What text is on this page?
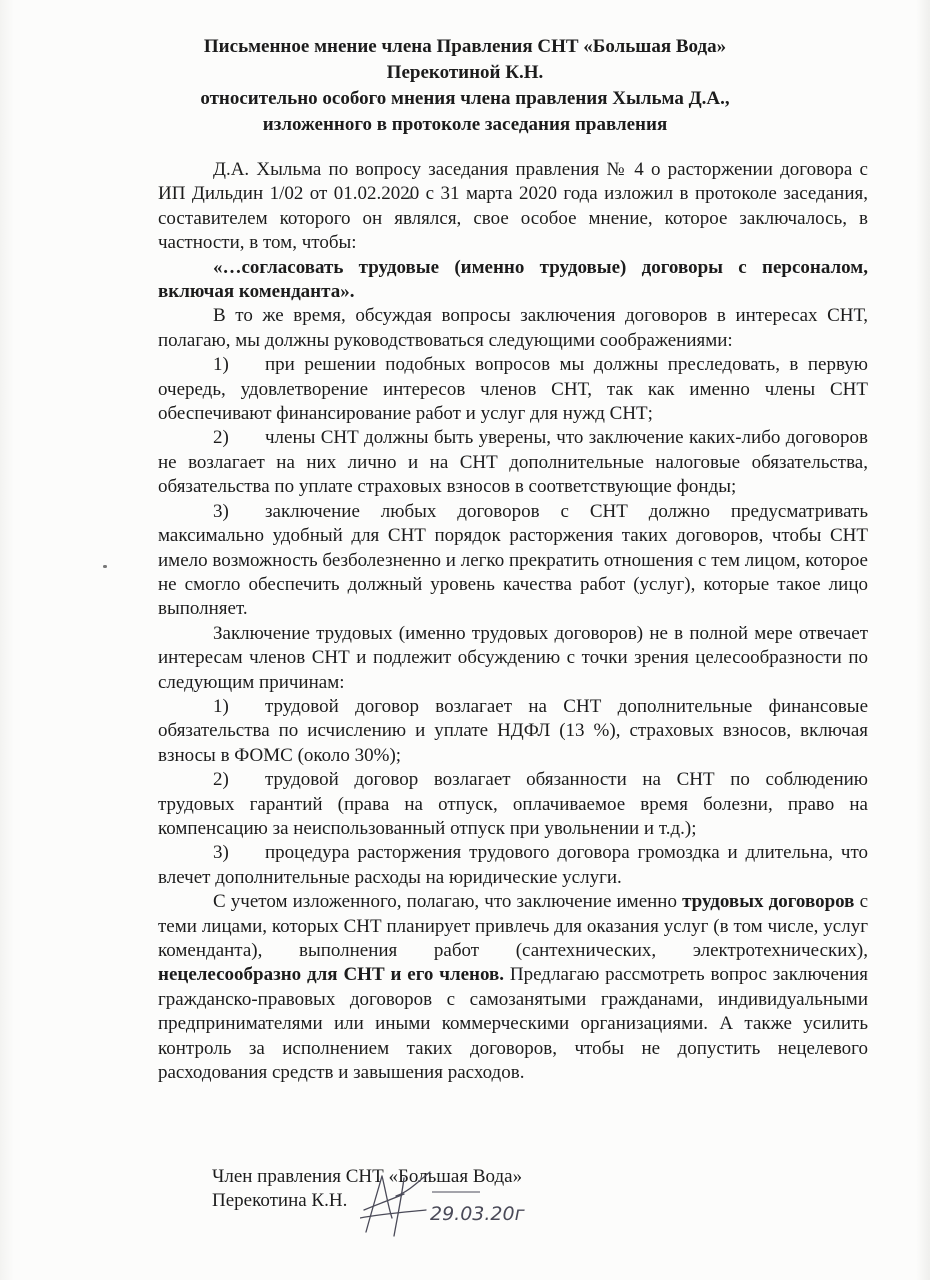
Письменное мнение члена Правления СНТ «Большая Вода»
Перекотиной К.Н.
относительно особого мнения члена правления Хыльма Д.А.,
изложенного в протоколе заседания правления

Д.А. Хыльма по вопросу заседания правления № 4 о расторжении договора с ИП Дильдин 1/02 от 01.02.2020 с 31 марта 2020 года изложил в протоколе заседания, составителем которого он являлся, свое особое мнение, которое заключалось, в частности, в том, чтобы:

«…согласовать трудовые (именно трудовые) договоры с персоналом, включая коменданта».

В то же время, обсуждая вопросы заключения договоров в интересах СНТ, полагаю, мы должны руководствоваться следующими соображениями:

1) при решении подобных вопросов мы должны преследовать, в первую очередь, удовлетворение интересов членов СНТ, так как именно члены СНТ обеспечивают финансирование работ и услуг для нужд СНТ;

2) члены СНТ должны быть уверены, что заключение каких-либо договоров не возлагает на них лично и на СНТ дополнительные налоговые обязательства, обязательства по уплате страховых взносов в соответствующие фонды;

3) заключение любых договоров с СНТ должно предусматривать максимально удобный для СНТ порядок расторжения таких договоров, чтобы СНТ имело возможность безболезненно и легко прекратить отношения с тем лицом, которое не смогло обеспечить должный уровень качества работ (услуг), которые такое лицо выполняет.

Заключение трудовых (именно трудовых договоров) не в полной мере отвечает интересам членов СНТ и подлежит обсуждению с точки зрения целесообразности по следующим причинам:

1) трудовой договор возлагает на СНТ дополнительные финансовые обязательства по исчислению и уплате НДФЛ (13 %), страховых взносов, включая взносы в ФОМС (около 30%);

2) трудовой договор возлагает обязанности на СНТ по соблюдению трудовых гарантий (права на отпуск, оплачиваемое время болезни, право на компенсацию за неиспользованный отпуск при увольнении и т.д.);

3) процедура расторжения трудового договора громоздка и длительна, что влечет дополнительные расходы на юридические услуги.

С учетом изложенного, полагаю, что заключение именно трудовых договоров с теми лицами, которых СНТ планирует привлечь для оказания услуг (в том числе, услуг коменданта), выполнения работ (сантехнических, электротехнических), нецелесообразно для СНТ и его членов. Предлагаю рассмотреть вопрос заключения гражданско-правовых договоров с самозанятыми гражданами, индивидуальными предпринимателями или иными коммерческими организациями. А также усилить контроль за исполнением таких договоров, чтобы не допустить нецелевого расходования средств и завышения расходов.

Член правления СНТ «Большая Вода»
Перекотина К.Н.
29.03.20г
